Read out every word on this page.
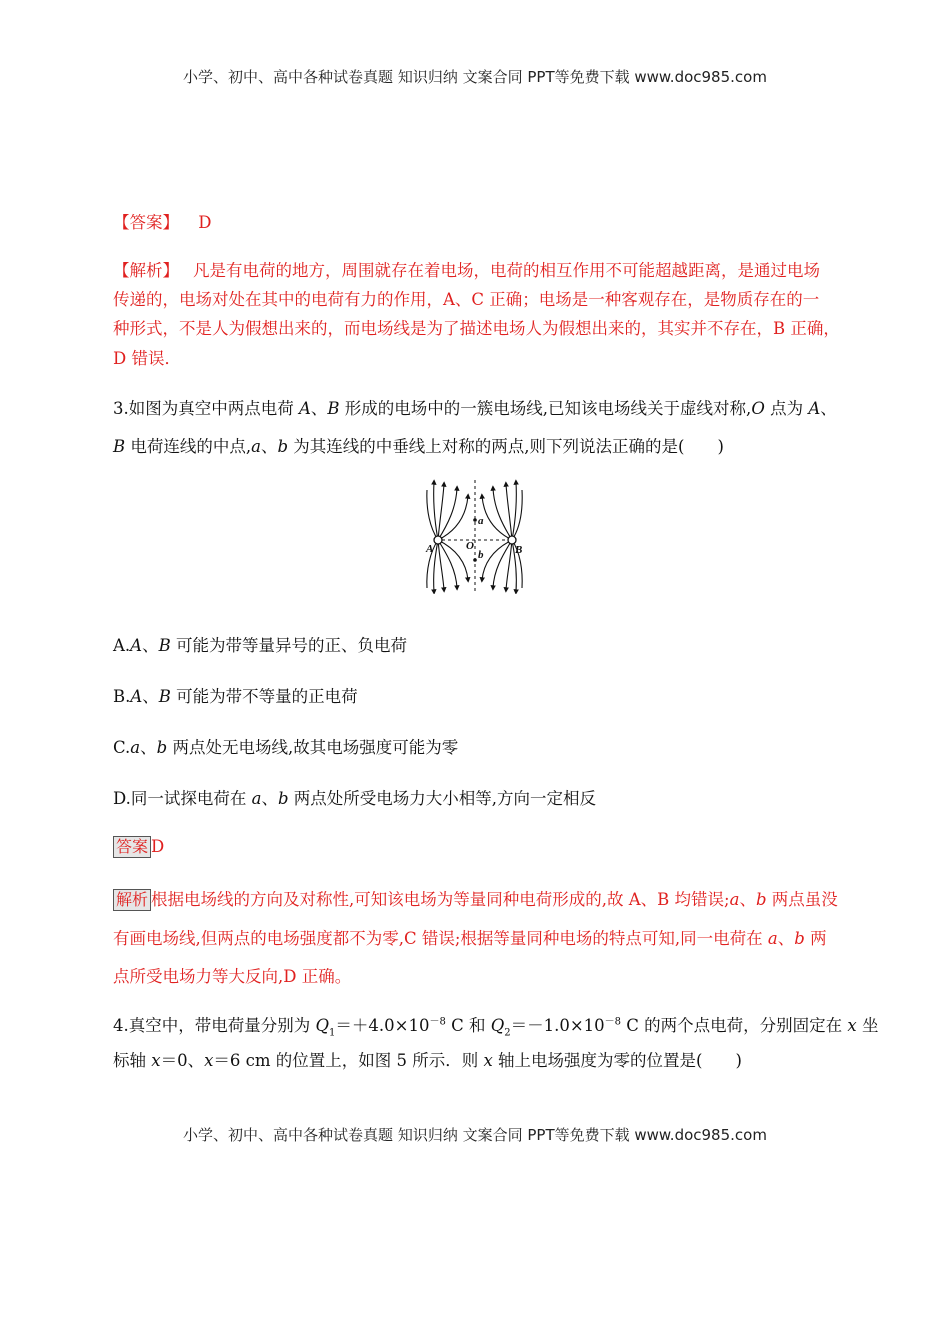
小学、初中、高中各种试卷真题 知识归纳 文案合同 PPT等免费下载 www.doc985.com
小学、初中、高中各种试卷真题 知识归纳 文案合同 PPT等免费下载 www.doc985.com
【答案】 D
【解析】 凡是有电荷的地方，周围就存在着电场，电荷的相互作用不可能超越距离，是通过电场
传递的，电场对处在其中的电荷有力的作用，A、C 正确；电场是一种客观存在，是物质存在的一
种形式，不是人为假想出来的，而电场线是为了描述电场人为假想出来的，其实并不存在，B 正确，
D 错误．
3.如图为真空中两点电荷 A、B 形成的电场中的一簇电场线,已知该电场线关于虚线对称,O 点为 A、
B 电荷连线的中点,a、b 为其连线的中垂线上对称的两点,则下列说法正确的是(　　)
A	B
O
a
b
A.A、B 可能为带等量异号的正、负电荷
B.A、B 可能为带不等量的正电荷
C.a、b 两点处无电场线,故其电场强度可能为零
D.同一试探电荷在 a、b 两点处所受电场力大小相等,方向一定相反
答案 D
解析 根据电场线的方向及对称性,可知该电场为等量同种电荷形成的,故 A、B 均错误;a、b 两点虽没
有画电场线,但两点的电场强度都不为零,C 错误;根据等量同种电场的特点可知,同一电荷在 a、b 两
点所受电场力等大反向,D 正确。
4.真空中，带电荷量分别为 $Q_1=+4.0\times 10^{-8}$ C 和 $Q_2=-1.0\times 10^{-8}$ C 的两个点电荷，分别固定在 x 坐
标轴 x＝0、x＝6 cm 的位置上，如图 5 所示．则 x 轴上电场强度为零的位置是(　　)
